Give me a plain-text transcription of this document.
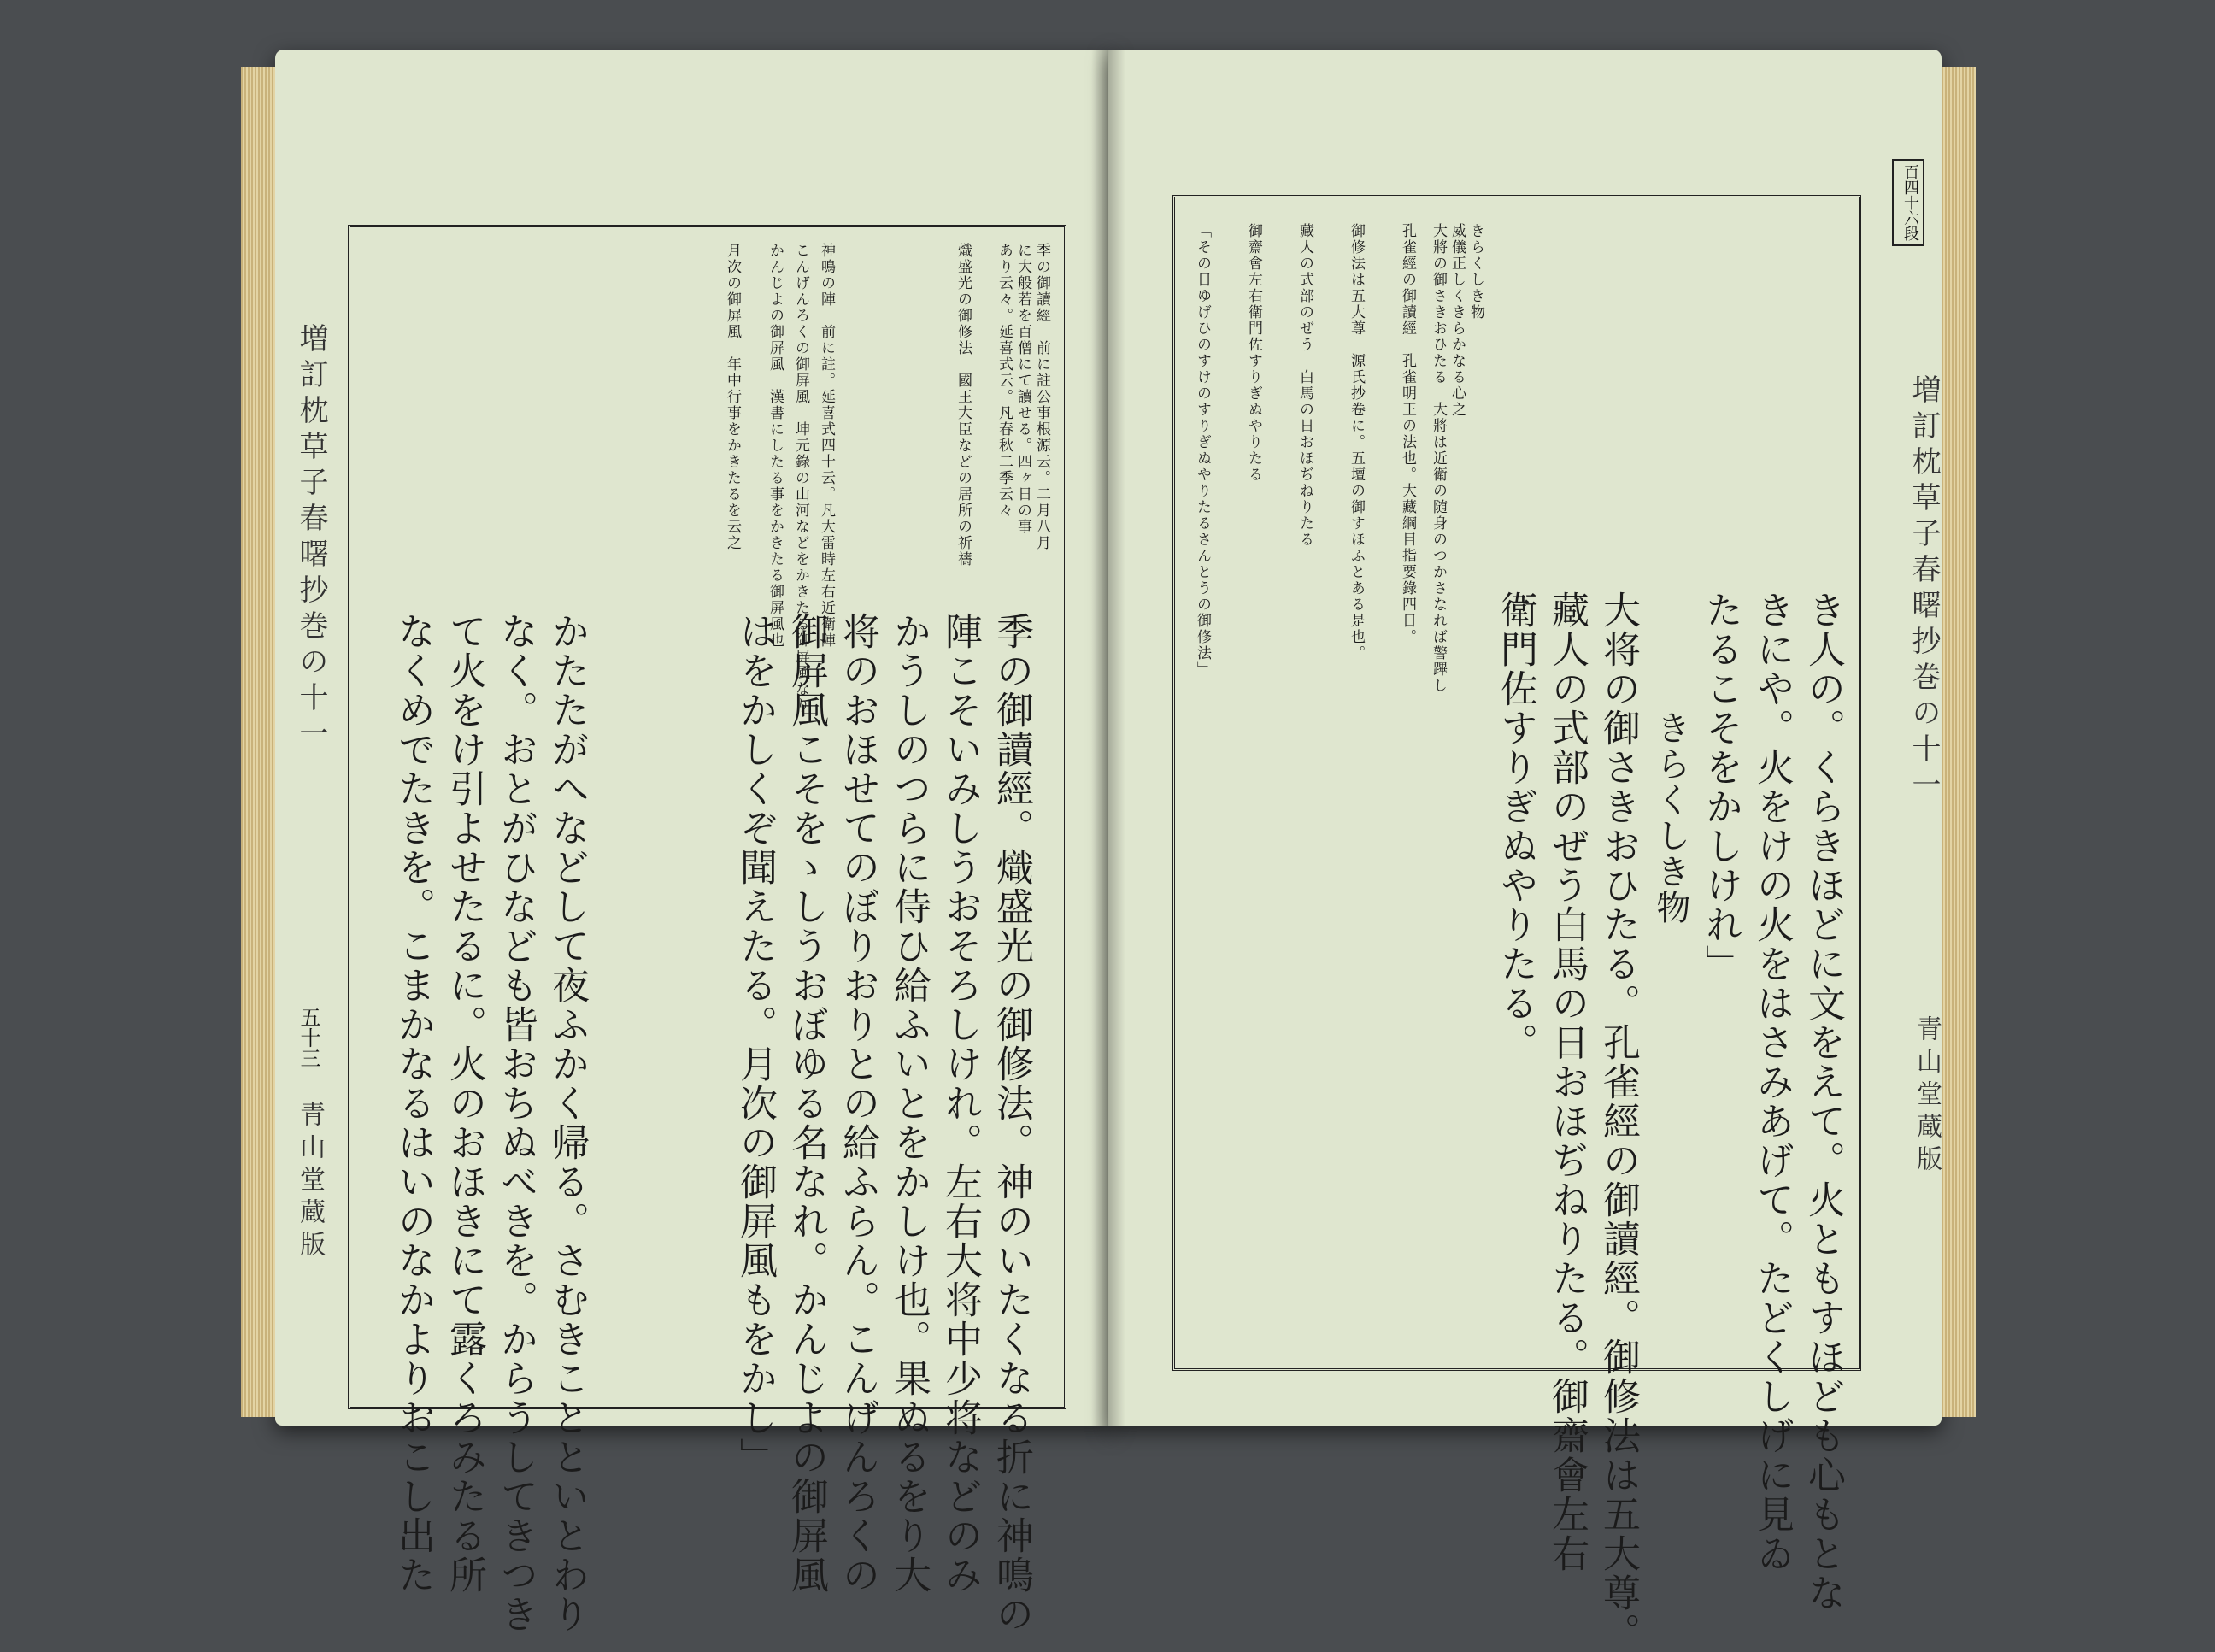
増訂枕草子春曙抄巻の十一
五十三
青山堂蔵版
季の御讀經　前に註公事根源云。二月八月
に大般若を百僧にて讀せる。四ヶ日の事
あり云々。延喜式云。凡春秋二季云々
熾盛光の御修法　國王大臣などの居所の祈禱
神鳴の陣　前に註。延喜式四十云。凡大雷時左右近衛陣
こんげんろくの御屏風　坤元錄の山河などをかきたる御屏風なり
かんじよの御屏風　漢書にしたる事をかきたる御屏風也
月次の御屏風　年中行事をかきたるを云之
季の御讀經。熾盛光の御修法。神のいたくなる折に神鳴の
陣こそいみしうおそろしけれ。左右大将中少将などのみ
かうしのつらに侍ひ給ふいとをかしけ也。果ぬるをり大
将のおほせてのぼりおりとの給ふらん。こんげんろくの
御屏風こそをゝしうおぼゆる名なれ。かんじよの御屏風
はをかしくぞ聞えたる。月次の御屏風もをかし」
かたたがへなどして夜ふかく帰る。さむきことといとわり
なく。おとがひなども皆おちぬべきを。からうしてきつき
て火をけ引よせたるに。火のおほきにて露くろみたる所
なくめでたきを。こまかなるはいのなかよりおこし出た
百四十六段
増訂枕草子春曙抄巻の十一
青山堂蔵版
き人の。くらきほどに文をえて。火ともすほども心もとな
きにや。火をけの火をはさみあげて。たどくしげに見ゐ
たるこそをかしけれ」
きらくしき物
大将の御さきおひたる。孔雀經の御讀經。御修法は五大尊。
藏人の式部のぜう白馬の日おほぢねりたる。御齋會左右
衛門佐すりぎぬやりたる。
きらくしき物
威儀正しくきらかなる心之
大將の御さきおひたる　大將は近衛の随身のつかさなれば警蹕し
孔雀經の御讀經　孔雀明王の法也。大藏綱目指要錄四日。
御修法は五大尊　源氏抄卷に。五壇の御すほふとある是也。
藏人の式部のぜう　白馬の日おほぢねりたる
御齋會左右衛門佐すりぎぬやりたる
「その日ゆげひのすけのすりぎぬやりたるさんとうの御修法」
